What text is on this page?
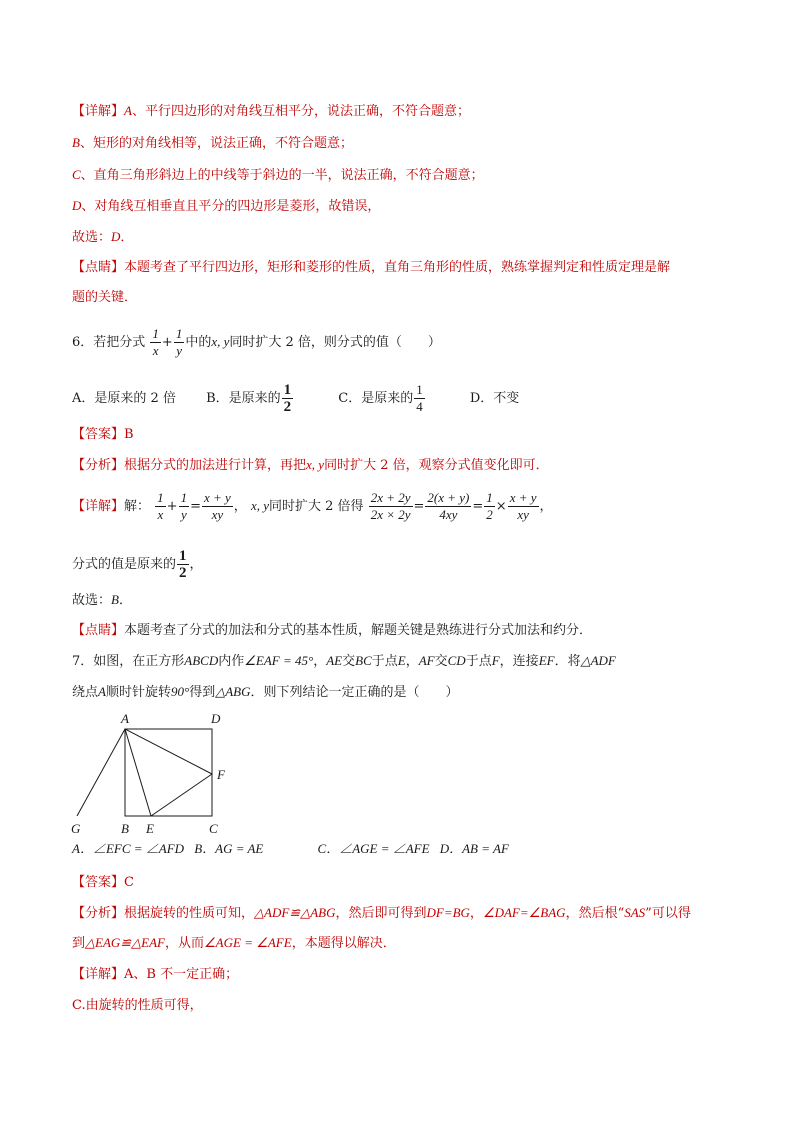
【详解】A、平行四边形的对角线互相平分，说法正确，不符合题意；
B、矩形的对角线相等，说法正确，不符合题意；
C、直角三角形斜边上的中线等于斜边的一半，说法正确，不符合题意；
D、对角线互相垂直且平分的四边形是菱形，故错误，
故选：D．
【点睛】本题考查了平行四边形，矩形和菱形的性质，直角三角形的性质，熟练掌握判定和性质定理是解
题的关键．
6．若把分式 $\frac{1}{x} + \frac{1}{y}$ 中的x, y同时扩大 2 倍，则分式的值（　　）
A．是原来的 2 倍 B．是原来的 $\frac{1}{2}$	C．是原来的 $\frac{1}{4}$	D．不变
【答案】B
【分析】根据分式的加法进行计算，再把x, y同时扩大 2 倍，观察分式值变化即可．
【详解】解： $\frac{1}{x} + \frac{1}{y} = \frac{x + y}{xy}$ ， x, y同时扩大 2 倍得 $\frac{2x + 2y}{2x \times 2y} = \frac{2(x + y)}{4xy} = \frac{1}{2} \times \frac{x + y}{xy}$ ，
分式的值是原来的 $\frac{1}{2}$ ，
故选：B．
【点睛】本题考查了分式的加法和分式的基本性质，解题关键是熟练进行分式加法和约分．
7．如图，在正方形ABCD内作∠EAF = 45°，AE交BC于点E，AF交CD于点F，连接EF．将△ADF
绕点A顺时针旋转90°得到△ABG．则下列结论一定正确的是（　　）
A	D
F
G	B E	C
A．∠EFC = ∠AFD B．AG = AE	C．∠AGE = ∠AFE D．AB = AF
【答案】C
【分析】根据旋转的性质可知，△ADF≌△ABG，然后即可得到DF=BG，∠DAF=∠BAG，然后根“SAS”可以得
到△EAG≌△EAF，从而∠AGE = ∠AFE，本题得以解决．
【详解】A、B 不一定正确；
C.由旋转的性质可得，
